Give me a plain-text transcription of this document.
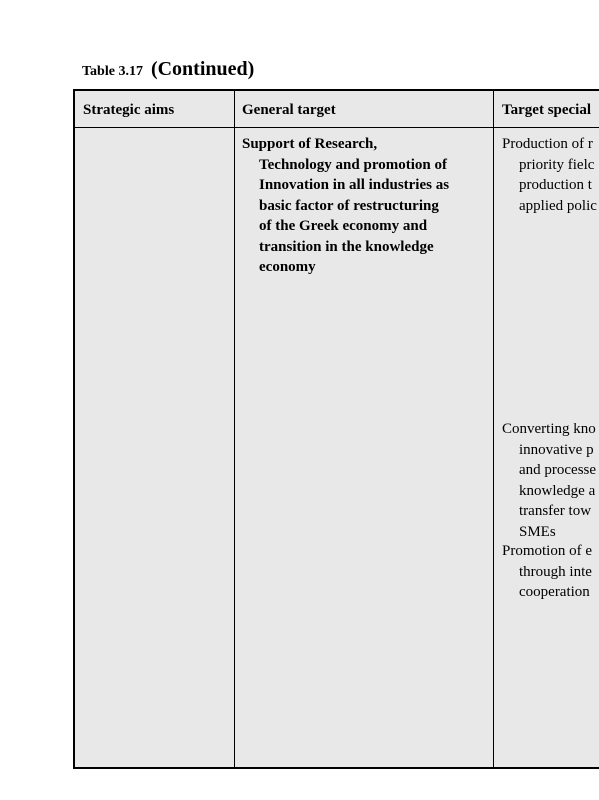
Table 3.17 (Continued)
Strategic aims	General target	Target special
Support of Research,
Technology and promotion of
Innovation in all industries as
basic factor of restructuring
of the Greek economy and
transition in the knowledge
economy
Production of r
priority fielc
production t
applied polic
Converting kno
innovative p
and processe
knowledge a
transfer tow
SMEs
Promotion of e
through inte
cooperation
